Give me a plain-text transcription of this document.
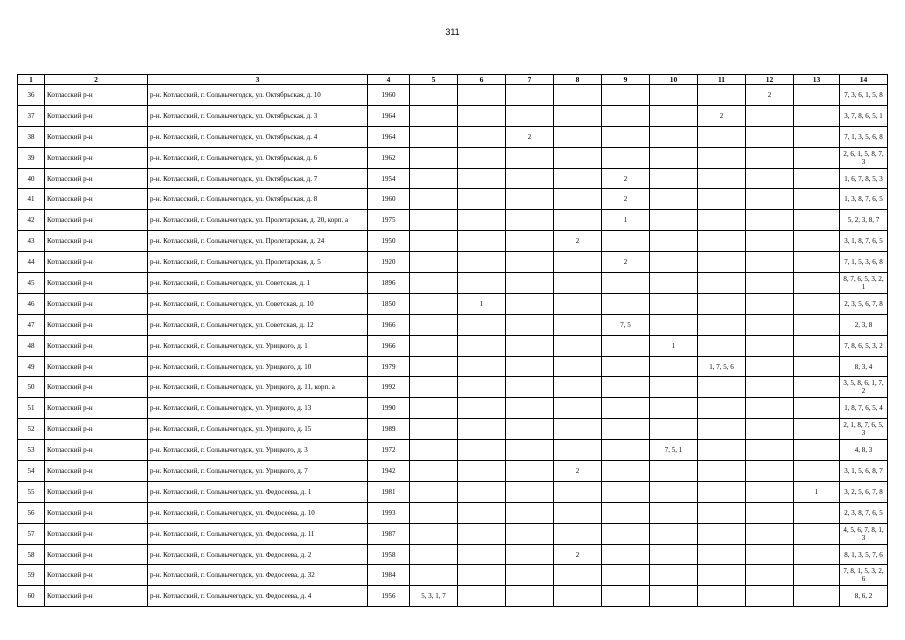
311
1	2	3	4	5	6	7	8	9	10	11	12	13	14
36	Котласский р-н	р-н. Котласский, г. Сольвычегодск, ул. Октябрьская, д. 10	1960								2		7, 3, 6, 1, 5, 8
37	Котласский р-н	р-н. Котласский, г. Сольвычегодск, ул. Октябрьская, д. 3	1964							2			3, 7, 8, 6, 5, 1
38	Котласский р-н	р-н. Котласский, г. Сольвычегодск, ул. Октябрьская, д. 4	1964			2							7, 1, 3, 5, 6, 8
39	Котласский р-н	р-н. Котласский, г. Сольвычегодск, ул. Октябрьская, д. 6	1962										2, 6, 1, 5, 8, 7, 3
40	Котласский р-н	р-н. Котласский, г. Сольвычегодск, ул. Октябрьская, д. 7	1954					2					1, 6, 7, 8, 5, 3
41	Котласский р-н	р-н. Котласский, г. Сольвычегодск, ул. Октябрьская, д. 8	1960					2					1, 3, 8, 7, 6, 5
42	Котласский р-н	р-н. Котласский, г. Сольвычегодск, ул. Пролетарская, д. 20, корп. а	1975					1					5, 2, 3, 8, 7
43	Котласский р-н	р-н. Котласский, г. Сольвычегодск, ул. Пролетарская, д. 24	1950				2						3, 1, 8, 7, 6, 5
44	Котласский р-н	р-н. Котласский, г. Сольвычегодск, ул. Пролетарская, д. 5	1920					2					7, 1, 5, 3, 6, 8
45	Котласский р-н	р-н. Котласский, г. Сольвычегодск, ул. Советская, д. 1	1896										8, 7, 6, 5, 3, 2, 1
46	Котласский р-н	р-н. Котласский, г. Сольвычегодск, ул. Советская, д. 10	1850		1								2, 3, 5, 6, 7, 8
47	Котласский р-н	р-н. Котласский, г. Сольвычегодск, ул. Советская, д. 12	1966					7, 5					2, 3, 8
48	Котласский р-н	р-н. Котласский, г. Сольвычегодск, ул. Урицкого, д. 1	1966						1				7, 8, 6, 5, 3, 2
49	Котласский р-н	р-н. Котласский, г. Сольвычегодск, ул. Урицкого, д. 10	1979							1, 7, 5, 6			8, 3, 4
50	Котласский р-н	р-н. Котласский, г. Сольвычегодск, ул. Урицкого, д. 11, корп. а	1992										3, 5, 8, 6, 1, 7, 2
51	Котласский р-н	р-н. Котласский, г. Сольвычегодск, ул. Урицкого, д. 13	1990										1, 8, 7, 6, 5, 4
52	Котласский р-н	р-н. Котласский, г. Сольвычегодск, ул. Урицкого, д. 15	1989										2, 1, 8, 7, 6, 5, 3
53	Котласский р-н	р-н. Котласский, г. Сольвычегодск, ул. Урицкого, д. 3	1972						7, 5, 1				4, 8, 3
54	Котласский р-н	р-н. Котласский, г. Сольвычегодск, ул. Урицкого, д. 7	1942				2						3, 1, 5, 6, 8, 7
55	Котласский р-н	р-н. Котласский, г. Сольвычегодск, ул. Федосеева, д. 1	1981									1	3, 2, 5, 6, 7, 8
56	Котласский р-н	р-н. Котласский, г. Сольвычегодск, ул. Федосеева, д. 10	1993										2, 3, 8, 7, 6, 5
57	Котласский р-н	р-н. Котласский, г. Сольвычегодск, ул. Федосеева, д. 11	1987										4, 5, 6, 7, 8, 1, 3
58	Котласский р-н	р-н. Котласский, г. Сольвычегодск, ул. Федосеева, д. 2	1958				2						8, 1, 3, 5, 7, 6
59	Котласский р-н	р-н. Котласский, г. Сольвычегодск, ул. Федосеева, д. 32	1984										7, 8, 1, 5, 3, 2, 6
60	Котласский р-н	р-н. Котласский, г. Сольвычегодск, ул. Федосеева, д. 4	1956	5, 3, 1, 7									8, 6, 2
